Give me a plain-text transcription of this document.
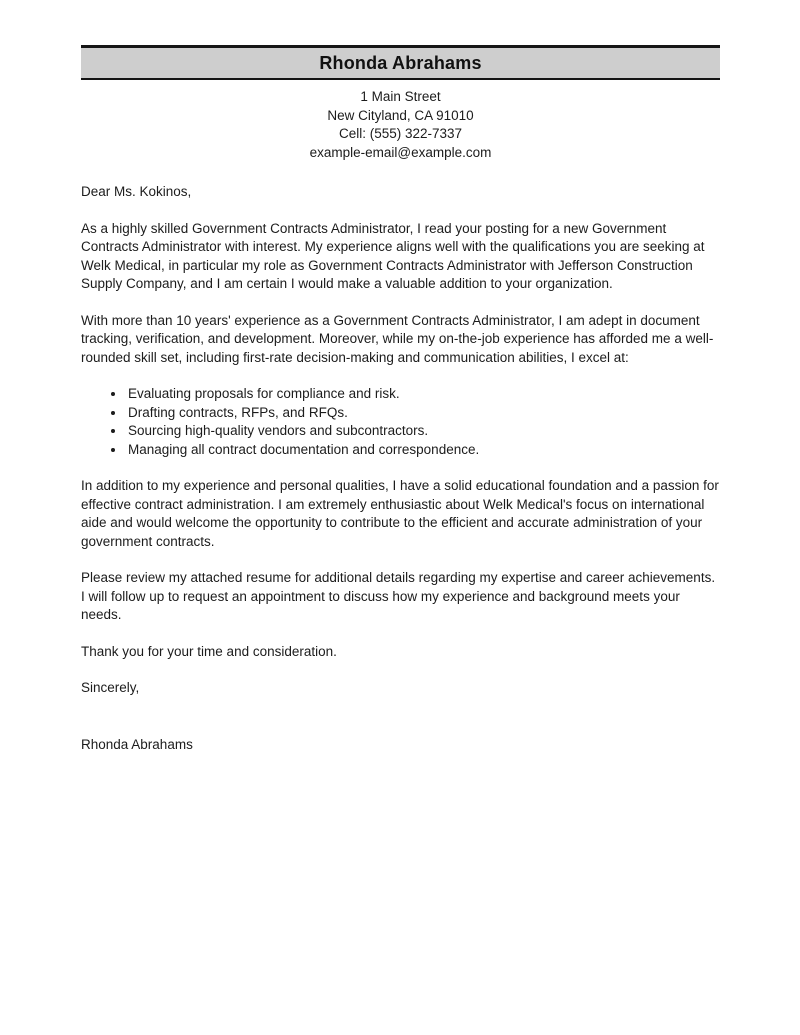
Rhonda Abrahams
1 Main Street
New Cityland, CA 91010
Cell: (555) 322-7337
example-email@example.com

Dear Ms. Kokinos,

As a highly skilled Government Contracts Administrator, I read your posting for a new Government Contracts Administrator with interest. My experience aligns well with the qualifications you are seeking at Welk Medical, in particular my role as Government Contracts Administrator with Jefferson Construction Supply Company, and I am certain I would make a valuable addition to your organization.

With more than 10 years' experience as a Government Contracts Administrator, I am adept in document tracking, verification, and development. Moreover, while my on-the-job experience has afforded me a well-rounded skill set, including first-rate decision-making and communication abilities, I excel at:

• Evaluating proposals for compliance and risk.
• Drafting contracts, RFPs, and RFQs.
• Sourcing high-quality vendors and subcontractors.
• Managing all contract documentation and correspondence.

In addition to my experience and personal qualities, I have a solid educational foundation and a passion for effective contract administration. I am extremely enthusiastic about Welk Medical's focus on international aide and would welcome the opportunity to contribute to the efficient and accurate administration of your government contracts.

Please review my attached resume for additional details regarding my expertise and career achievements. I will follow up to request an appointment to discuss how my experience and background meets your needs.

Thank you for your time and consideration.

Sincerely,

Rhonda Abrahams
